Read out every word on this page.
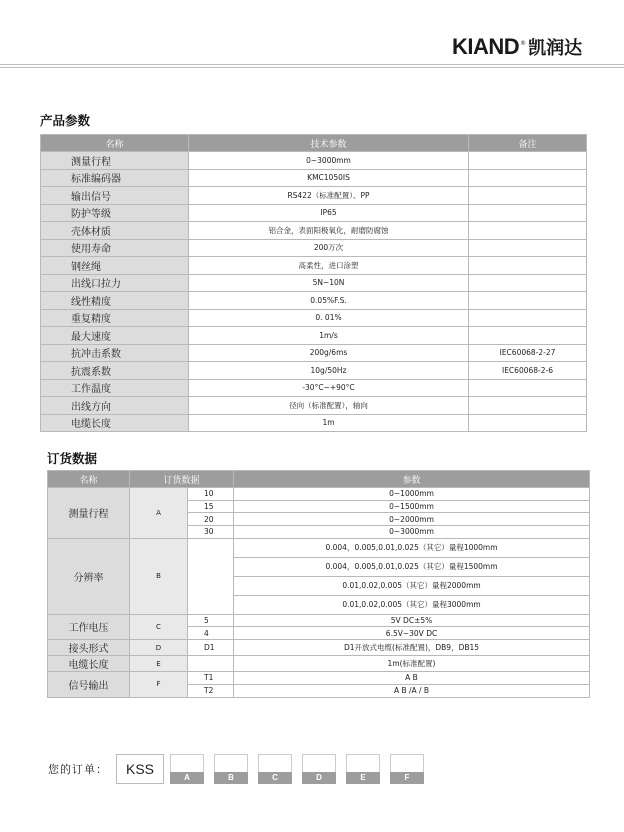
KIAND ® 凯润达
产品参数
名称	技术参数	备注
测量行程	0~3000mm	
标准编码器	KMC1050IS	
输出信号	RS422（标准配置）、PP	
防护等级	IP65	
壳体材质	铝合金，表面阳极氧化，耐磨防腐蚀	
使用寿命	200万次	
钢丝绳	高柔性，进口涂塑	
出线口拉力	5N~10N	
线性精度	0.05%F.S.	
重复精度	0. 01%	
最大速度	1m/s	
抗冲击系数	200g/6ms	IEC60068-2-27
抗震系数	10g/50Hz	IEC60068-2-6
工作温度	-30°C~+90°C	
出线方向	径向（标准配置），轴向	
电缆长度	1m	
订货数据
名称	订货数据		参数
测量行程	A	10	0~1000mm
		15	0~1500mm
		20	0~2000mm
		30	0~3000mm
分辨率	B		0.004，0.005,0.01,0.025（其它）量程1000mm
			0.004，0.005,0.01,0.025（其它）量程1500mm
			0.01,0.02,0.005（其它）量程2000mm
			0.01,0.02,0.005（其它）量程3000mm
工作电压	C	5	5V DC±5%
		4	6.5V~30V DC
接头形式	D	D1	D1开放式电缆(标准配置)，DB9，DB15
电缆长度	E		1m(标准配置)
信号输出	F	T1	A B
		T2	A B /A / B
您的订单：	KSS
A	B	C	D	E	F
